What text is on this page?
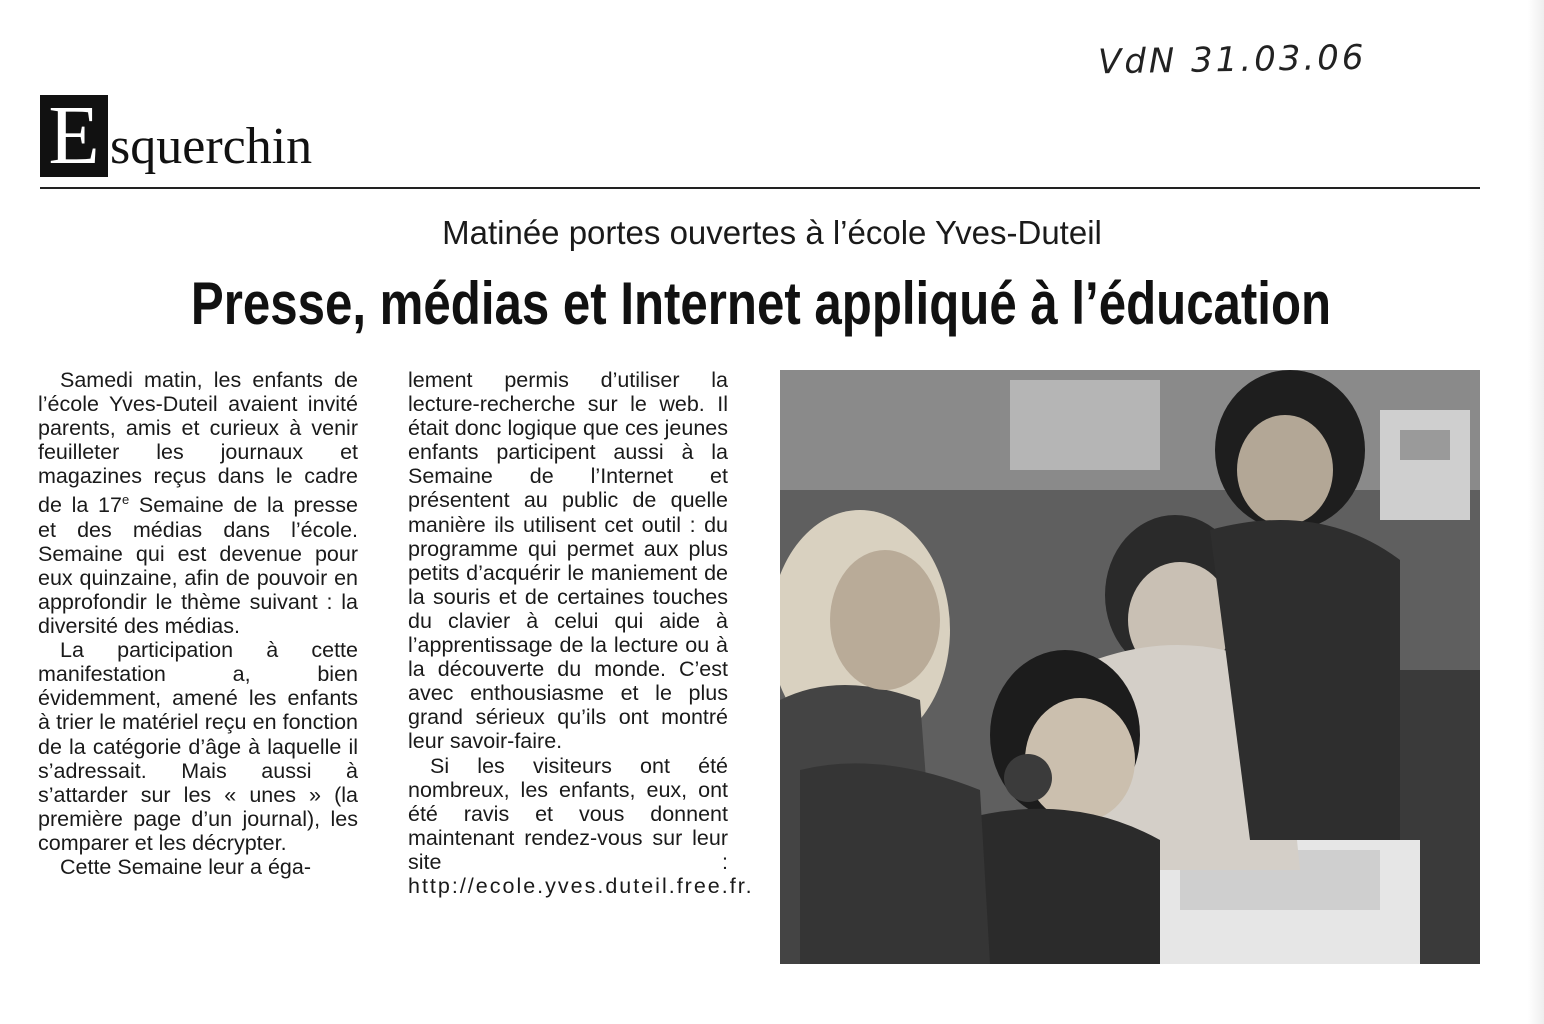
VdN 31.03.06
E squerchin
Matinée portes ouvertes à l’école Yves-Duteil
Presse, médias et Internet appliqué à l’éducation

Samedi matin, les enfants de l’école Yves-Duteil avaient invité parents, amis et curieux à venir feuilleter les journaux et magazines reçus dans le cadre de la 17e Semaine de la presse et des médias dans l’école. Semaine qui est devenue pour eux quinzaine, afin de pouvoir en approfondir le thème suivant : la diversité des médias.

La participation à cette manifestation a, bien évidemment, amené les enfants à trier le matériel reçu en fonction de la catégorie d’âge à laquelle il s’adressait. Mais aussi à s’attarder sur les « unes » (la première page d’un journal), les comparer et les décrypter.

Cette Semaine leur a éga-

lement permis d’utiliser la lecture-recherche sur le web. Il était donc logique que ces jeunes enfants participent aussi à la Semaine de l’Internet et présentent au public de quelle manière ils utilisent cet outil : du programme qui permet aux plus petits d’acquérir le maniement de la souris et de certaines touches du clavier à celui qui aide à l’apprentissage de la lecture ou à la découverte du monde. C’est avec enthousiasme et le plus grand sérieux qu’ils ont montré leur savoir-faire.

Si les visiteurs ont été nombreux, les enfants, eux, ont été ravis et vous donnent maintenant rendez-vous sur leur site : http://ecole.yves.duteil.free.fr.
